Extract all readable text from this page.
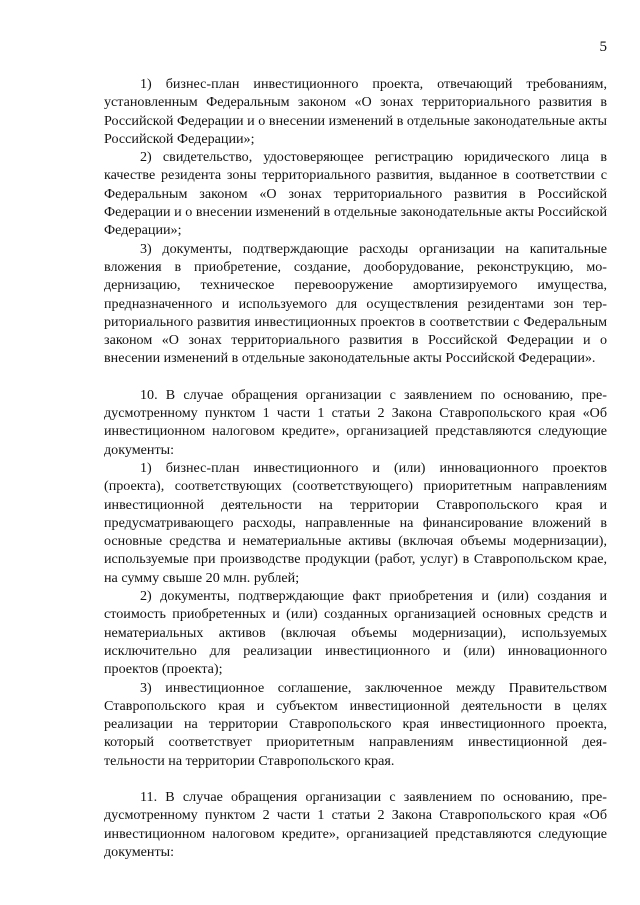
5

1) бизнес-план инвестиционного проекта, отвечающий требованиям, установленным Федеральным законом «О зонах территориального развития в Российской Федерации и о внесении изменений в отдельные законодательные акты Российской Федерации»;

2) свидетельство, удостоверяющее регистрацию юридического лица в качестве резидента зоны территориального развития, выданное в соответствии с Федеральным законом «О зонах территориального развития в Российской Федерации и о внесении изменений в отдельные законодательные акты Российской Федерации»;

3) документы, подтверждающие расходы организации на капитальные вложения в приобретение, создание, дооборудование, реконструкцию, модернизацию, техническое перевооружение амортизируемого имущества, предназначенного и используемого для осуществления резидентами зон территориального развития инвестиционных проектов в соответствии с Федеральным законом «О зонах территориального развития в Российской Федерации и о внесении изменений в отдельные законодательные акты Российской Федерации».

10. В случае обращения организации с заявлением по основанию, предусмотренному пунктом 1 части 1 статьи 2 Закона Ставропольского края «Об инвестиционном налоговом кредите», организацией представляются следующие документы:

1) бизнес-план инвестиционного и (или) инновационного проектов (проекта), соответствующих (соответствующего) приоритетным направлениям инвестиционной деятельности на территории Ставропольского края и предусматривающего расходы, направленные на финансирование вложений в основные средства и нематериальные активы (включая объемы модернизации), используемые при производстве продукции (работ, услуг) в Ставропольском крае, на сумму свыше 20 млн. рублей;

2) документы, подтверждающие факт приобретения и (или) создания и стоимость приобретенных и (или) созданных организацией основных средств и нематериальных активов (включая объемы модернизации), используемых исключительно для реализации инвестиционного и (или) инновационного проектов (проекта);

3) инвестиционное соглашение, заключенное между Правительством Ставропольского края и субъектом инвестиционной деятельности в целях реализации на территории Ставропольского края инвестиционного проекта, который соответствует приоритетным направлениям инвестиционной деятельности на территории Ставропольского края.

11. В случае обращения организации с заявлением по основанию, предусмотренному пунктом 2 части 1 статьи 2 Закона Ставропольского края «Об инвестиционном налоговом кредите», организацией представляются следующие документы:
